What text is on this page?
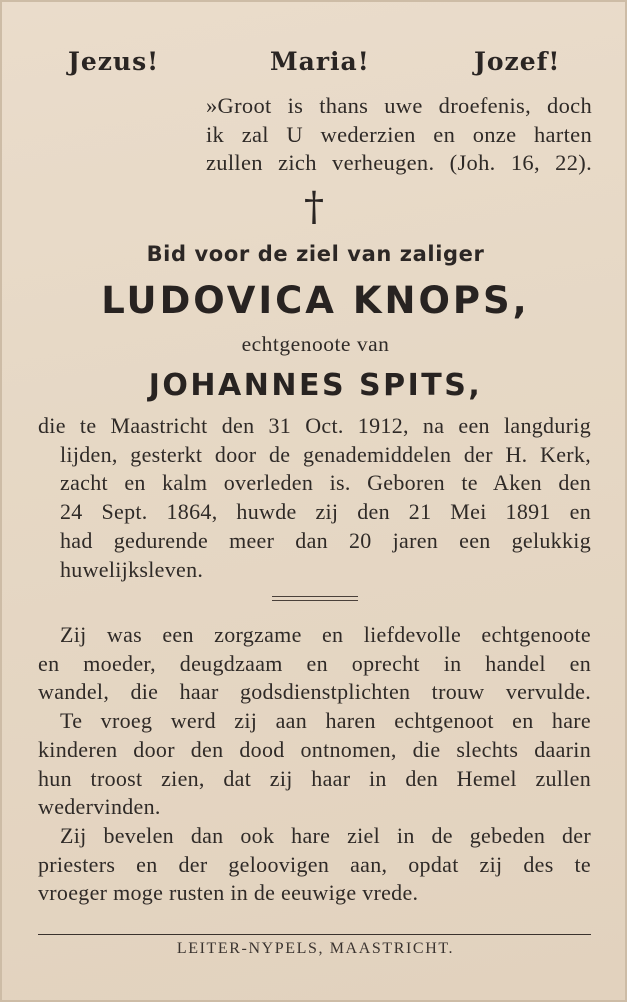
Jezus!	Maria!	Jozef!
»Groot is thans uwe droefenis, doch
ik zal U wederzien en onze harten
zullen zich verheugen. (Joh. 16, 22).
†
Bid voor de ziel van zaliger
LUDOVICA KNOPS,
echtgenoote van
JOHANNES SPITS,
die te Maastricht den 31 Oct. 1912, na een langdurig
lijden, gesterkt door de genademiddelen der H. Kerk,
zacht en kalm overleden is. Geboren te Aken den
24 Sept. 1864, huwde zij den 21 Mei 1891 en
had gedurende meer dan 20 jaren een gelukkig
huwelijksleven.
Zij was een zorgzame en liefdevolle echtgenoote
en moeder, deugdzaam en oprecht in handel en
wandel, die haar godsdienstplichten trouw vervulde.
Te vroeg werd zij aan haren echtgenoot en hare
kinderen door den dood ontnomen, die slechts daarin
hun troost zien, dat zij haar in den Hemel zullen
wedervinden.
Zij bevelen dan ook hare ziel in de gebeden der
priesters en der geloovigen aan, opdat zij des te
vroeger moge rusten in de eeuwige vrede.
LEITER-NYPELS, MAASTRICHT.
